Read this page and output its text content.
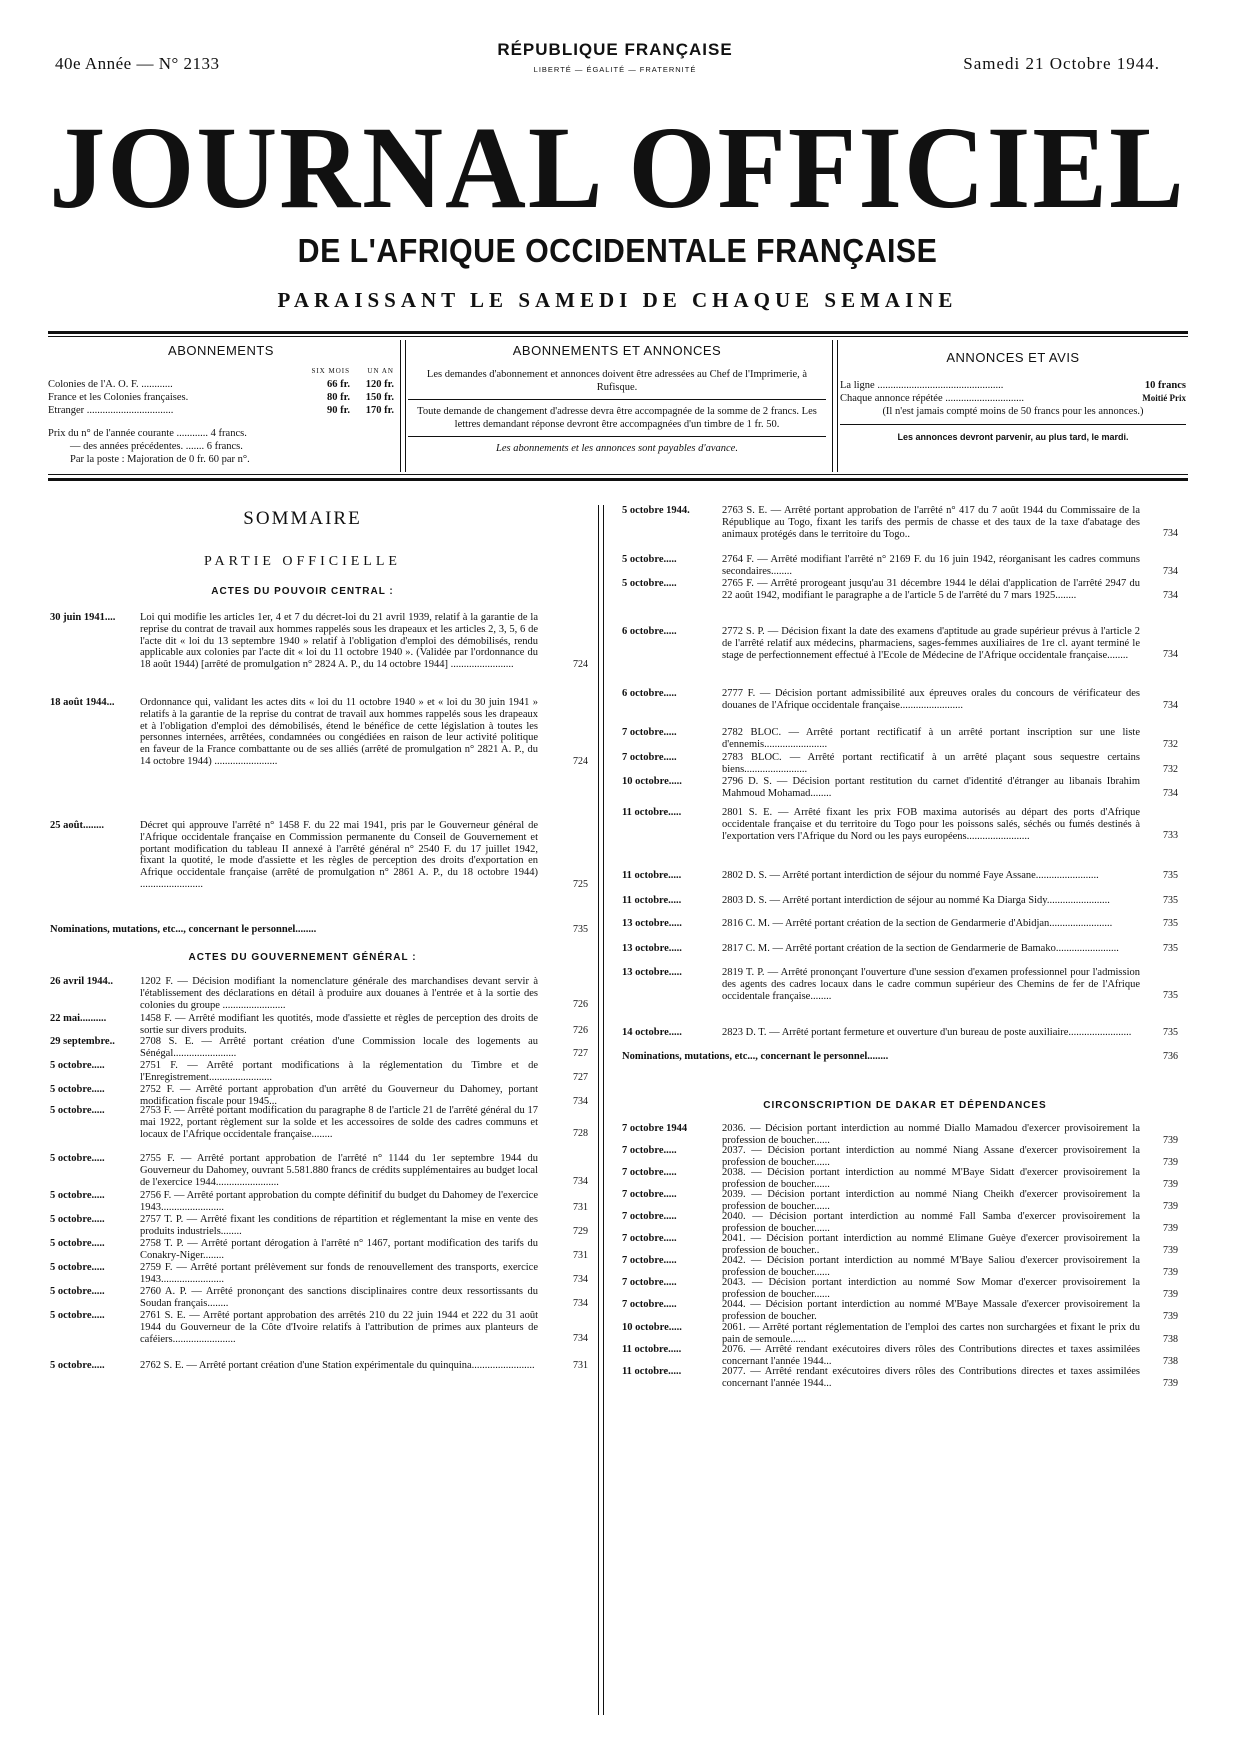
40e Année — N° 2133
RÉPUBLIQUE FRANÇAISE
LIBERTÉ — ÉGALITÉ — FRATERNITÉ	Samedi 21 Octobre 1944.
JOURNAL OFFICIEL
DE L'AFRIQUE OCCIDENTALE FRANÇAISE
PARAISSANT LE SAMEDI DE CHAQUE SEMAINE
ABONNEMENTS
SIX MOIS	UN AN
Colonies de l'A. O. F. ............	66 fr.	120 fr.
France et les Colonies françaises.	80 fr.	150 fr.
Etranger .................................	90 fr.	170 fr.
Prix du n° de l'année courante ............ 4 francs.
— des années précédentes. ....... 6 francs.
Par la poste : Majoration de 0 fr. 60 par n°.
ABONNEMENTS ET ANNONCES
Les demandes d'abonnement et annonces doivent être adressées au Chef de l'Imprimerie, à Rufisque.
Toute demande de changement d'adresse devra être accompagnée de la somme de 2 francs. Les lettres demandant réponse devront être accompagnées d'un timbre de 1 fr. 50.
Les abonnements et les annonces sont payables d'avance.
ANNONCES ET AVIS
La ligne ................................................	10 francs
Chaque annonce répétée ..............................	Moitié Prix
(Il n'est jamais compté moins de 50 francs pour les annonces.)
Les annonces devront parvenir, au plus tard, le mardi.
SOMMAIRE
PARTIE OFFICIELLE
ACTES DU POUVOIR CENTRAL :
ACTES DU GOUVERNEMENT GÉNÉRAL :
CIRCONSCRIPTION DE DAKAR ET DÉPENDANCES
30 juin 1941.... Loi qui modifie les articles 1er, 4 et 7 du décret-loi du 21 avril 1939, relatif à la garantie de la reprise du contrat de travail aux hommes rappelés sous les drapeaux et les articles 2, 3, 5, 6 de l'acte dit « loi du 13 septembre 1940 » relatif à l'obligation d'emploi des démobilisés, rendu applicable aux colonies par l'acte dit « loi du 11 octobre 1940 ». (Validée par l'ordonnance du 18 août 1944) [arrêté de promulgation n° 2824 A. P., du 14 octobre 1944] ........................	724
18 août 1944... Ordonnance qui, validant les actes dits « loi du 11 octobre 1940 » et « loi du 30 juin 1941 » relatifs à la garantie de la reprise du contrat de travail aux hommes rappelés sous les drapeaux et à l'obligation d'emploi des démobilisés, étend le bénéfice de cette législation à toutes les personnes internées, arrêtées, condamnées ou congédiées en raison de leur activité politique en faveur de la France combattante ou de ses alliés (arrêté de promulgation n° 2821 A. P., du 14 octobre 1944) ........................	724
25 août........	Décret qui approuve l'arrêté n° 1458 F. du 22 mai 1941, pris par le Gouverneur général de l'Afrique occidentale française en Commission permanente du Conseil de Gouvernement et portant modification du tableau II annexé à l'arrêté général n° 2540 F. du 17 juillet 1942, fixant la quotité, le mode d'assiette et les règles de perception des droits d'exportation en Afrique occidentale française (arrêté de promulgation n° 2861 A. P., du 18 octobre 1944) ........................	725
Nominations, mutations, etc..., concernant le personnel........	735
26 avril 1944..	1202 F. — Décision modifiant la nomenclature générale des marchandises devant servir à l'établissement des déclarations en détail à produire aux douanes à l'entrée et à la sortie des colonies du groupe ........................	726
22 mai..........	1458 F. — Arrêté modifiant les quotités, mode d'assiette et règles de perception des droits de sortie sur divers produits.	726
29 septembre.. 2708 S. E. — Arrêté portant création d'une Commission locale des logements au Sénégal........................	727
5 octobre.....	2751 F. — Arrêté portant modifications à la réglementation du Timbre et de l'Enregistrement........................	727
5 octobre.....	2752 F. — Arrêté portant approbation d'un arrêté du Gouverneur du Dahomey, portant modification fiscale pour 1945...	734
5 octobre.....	2753 F. — Arrêté portant modification du paragraphe 8 de l'article 21 de l'arrêté général du 17 mai 1922, portant règlement sur la solde et les accessoires de solde des cadres communs et locaux de l'Afrique occidentale française........	728
5 octobre.....	2755 F. — Arrêté portant approbation de l'arrêté n° 1144 du 1er septembre 1944 du Gouverneur du Dahomey, ouvrant 5.581.880 francs de crédits supplémentaires au budget local de l'exercice 1944........................	734
5 octobre.....	2756 F. — Arrêté portant approbation du compte définitif du budget du Dahomey de l'exercice 1943........................	731
5 octobre.....	2757 T. P. — Arrêté fixant les conditions de répartition et réglementant la mise en vente des produits industriels........	729
5 octobre.....	2758 T. P. — Arrêté portant dérogation à l'arrêté n° 1467, portant modification des tarifs du Conakry-Niger........	731
5 octobre.....	2759 F. — Arrêté portant prélèvement sur fonds de renouvellement des transports, exercice 1943........................	734
5 octobre.....	2760 A. P. — Arrêté prononçant des sanctions disciplinaires contre deux ressortissants du Soudan français........	734
5 octobre.....	2761 S. E. — Arrêté portant approbation des arrêtés 210 du 22 juin 1944 et 222 du 31 août 1944 du Gouverneur de la Côte d'Ivoire relatifs à l'attribution de primes aux planteurs de caféiers........................	734
5 octobre.....	2762 S. E. — Arrêté portant création d'une Station expérimentale du quinquina........................	731
5 octobre 1944.	2763 S. E. — Arrêté portant approbation de l'arrêté n° 417 du 7 août 1944 du Commissaire de la République au Togo, fixant les tarifs des permis de chasse et des taux de la taxe d'abatage des animaux protégés dans le territoire du Togo..	734
5 octobre.....	2764 F. — Arrêté modifiant l'arrêté n° 2169 F. du 16 juin 1942, réorganisant les cadres communs secondaires........	734
5 octobre.....	2765 F. — Arrêté prorogeant jusqu'au 31 décembre 1944 le délai d'application de l'arrêté 2947 du 22 août 1942, modifiant le paragraphe a de l'article 5 de l'arrêté du 7 mars 1925........	734
6 octobre.....	2772 S. P. — Décision fixant la date des examens d'aptitude au grade supérieur prévus à l'article 2 de l'arrêté relatif aux médecins, pharmaciens, sages-femmes auxiliaires de 1re cl. ayant terminé le stage de perfectionnement effectué à l'Ecole de Médecine de l'Afrique occidentale française........	734
6 octobre.....	2777 F. — Décision portant admissibilité aux épreuves orales du concours de vérificateur des douanes de l'Afrique occidentale française........................	734
7 octobre.....	2782 BLOC. — Arrêté portant rectificatif à un arrêté portant inscription sur une liste d'ennemis........................	732
7 octobre.....	2783 BLOC. — Arrêté portant rectificatif à un arrêté plaçant sous sequestre certains biens........................	732
10 octobre.....	2796 D. S. — Décision portant restitution du carnet d'identité d'étranger au libanais Ibrahim Mahmoud Mohamad........	734
11 octobre.....	2801 S. E. — Arrêté fixant les prix FOB maxima autorisés au départ des ports d'Afrique occidentale française et du territoire du Togo pour les poissons salés, séchés ou fumés destinés à l'exportation vers l'Afrique du Nord ou les pays européens........................	733
11 octobre.....	2802 D. S. — Arrêté portant interdiction de séjour du nommé Faye Assane........................	735
11 octobre.....	2803 D. S. — Arrêté portant interdiction de séjour au nommé Ka Diarga Sidy........................	735
13 octobre.....	2816 C. M. — Arrêté portant création de la section de Gendarmerie d'Abidjan........................	735
13 octobre.....	2817 C. M. — Arrêté portant création de la section de Gendarmerie de Bamako........................	735
13 octobre.....	2819 T. P. — Arrêté prononçant l'ouverture d'une session d'examen professionnel pour l'admission des agents des cadres locaux dans le cadre commun supérieur des Chemins de fer de l'Afrique occidentale française........	735
14 octobre.....	2823 D. T. — Arrêté portant fermeture et ouverture d'un bureau de poste auxiliaire........................	735
Nominations, mutations, etc..., concernant le personnel........	736
7 octobre 1944	2036. — Décision portant interdiction au nommé Diallo Mamadou d'exercer provisoirement la profession de boucher......	739
7 octobre.....	2037. — Décision portant interdiction au nommé Niang Assane d'exercer provisoirement la profession de boucher......	739
7 octobre.....	2038. — Décision portant interdiction au nommé M'Baye Sidatt d'exercer provisoirement la profession de boucher......	739
7 octobre.....	2039. — Décision portant interdiction au nommé Niang Cheikh d'exercer provisoirement la profession de boucher......	739
7 octobre.....	2040. — Décision portant interdiction au nommé Fall Samba d'exercer provisoirement la profession de boucher......	739
7 octobre.....	2041. — Décision portant interdiction au nommé Elimane Guèye d'exercer provisoirement la profession de boucher..	739
7 octobre.....	2042. — Décision portant interdiction au nommé M'Baye Saliou d'exercer provisoirement la profession de boucher......	739
7 octobre.....	2043. — Décision portant interdiction au nommé Sow Momar d'exercer provisoirement la profession de boucher......	739
7 octobre.....	2044. — Décision portant interdiction au nommé M'Baye Massale d'exercer provisoirement la profession de boucher.	739
10 octobre.....	2061. — Arrêté portant réglementation de l'emploi des cartes non surchargées et fixant le prix du pain de semoule......	738
11 octobre.....	2076. — Arrêté rendant exécutoires divers rôles des Contributions directes et taxes assimilées concernant l'année 1944...	738
11 octobre.....	2077. — Arrêté rendant exécutoires divers rôles des Contributions directes et taxes assimilées concernant l'année 1944...	739
